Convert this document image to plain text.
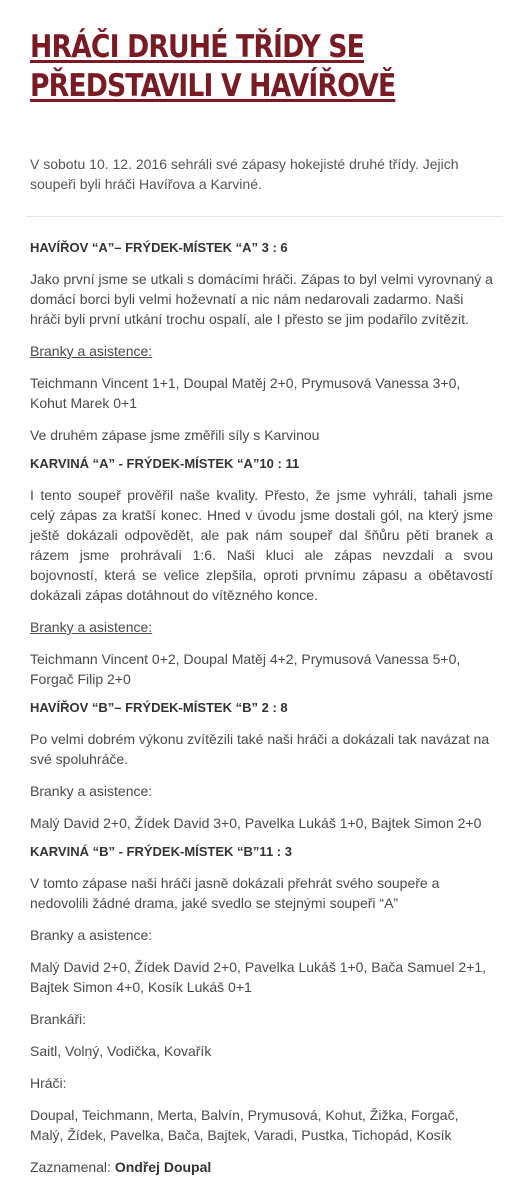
HRÁČI DRUHÉ TŘÍDY SE PŘEDSTAVILI V HAVÍŘOVĚ

V sobotu 10. 12. 2016 sehráli své zápasy hokejisté druhé třídy. Jejich soupeři byli hráči Havířova a Karviné.

HAVÍŘOV “A”– FRÝDEK-MÍSTEK “A” 3 : 6

Jako první jsme se utkali s domácími hráči. Zápas to byl velmi vyrovnaný a domácí borci byli velmi hoževnatí a nic nám nedarovali zadarmo. Naši hráči byli první utkání trochu ospalí, ale I přesto se jim podařilo zvítězit.

Branky a asistence:

Teichmann Vincent 1+1, Doupal Matěj 2+0, Prymusová Vanessa 3+0, Kohut Marek 0+1

Ve druhém zápase jsme změřili síly s Karvinou

KARVINÁ “A” - FRÝDEK-MÍSTEK “A”10 : 11

I tento soupeř prověřil naše kvality. Přesto, že jsme vyhráli, tahali jsme celý zápas za kratší konec. Hned v úvodu jsme dostali gól, na který jsme ještě dokázali odpovědět, ale pak nám soupeř dal šňůru pěti branek a rázem jsme prohrávali 1:6. Naši kluci ale zápas nevzdali a svou bojovností, která se velice zlepšila, oproti prvnímu zápasu a obětavostí dokázali zápas dotáhnout do vítězného konce.

Branky a asistence:

Teichmann Vincent 0+2, Doupal Matěj 4+2, Prymusová Vanessa 5+0, Forgač Filip 2+0

HAVÍŘOV “B”– FRÝDEK-MÍSTEK “B” 2 : 8

Po velmi dobrém výkonu zvítězili také naši hráči a dokázali tak navázat na své spoluhráče.

Branky a asistence:

Malý David 2+0, Žídek David 3+0, Pavelka Lukáš 1+0, Bajtek Simon 2+0

KARVINÁ “B” - FRÝDEK-MÍSTEK “B”11 : 3

V tomto zápase naši hráči jasně dokázali přehrát svého soupeře a nedovolili žádné drama, jaké svedlo se stejnými soupeři “A”

Branky a asistence:

Malý David 2+0, Žídek David 2+0, Pavelka Lukáš 1+0, Bača Samuel 2+1, Bajtek Simon 4+0, Kosík Lukáš 0+1

Brankáři:

Saitl, Volný, Vodička, Kovařík

Hráči:

Doupal, Teichmann, Merta, Balvín, Prymusová, Kohut, Žižka, Forgač, Malý, Žídek, Pavelka, Bača, Bajtek, Varadi, Pustka, Tichopád, Kosík

Zaznamenal: Ondřej Doupal
